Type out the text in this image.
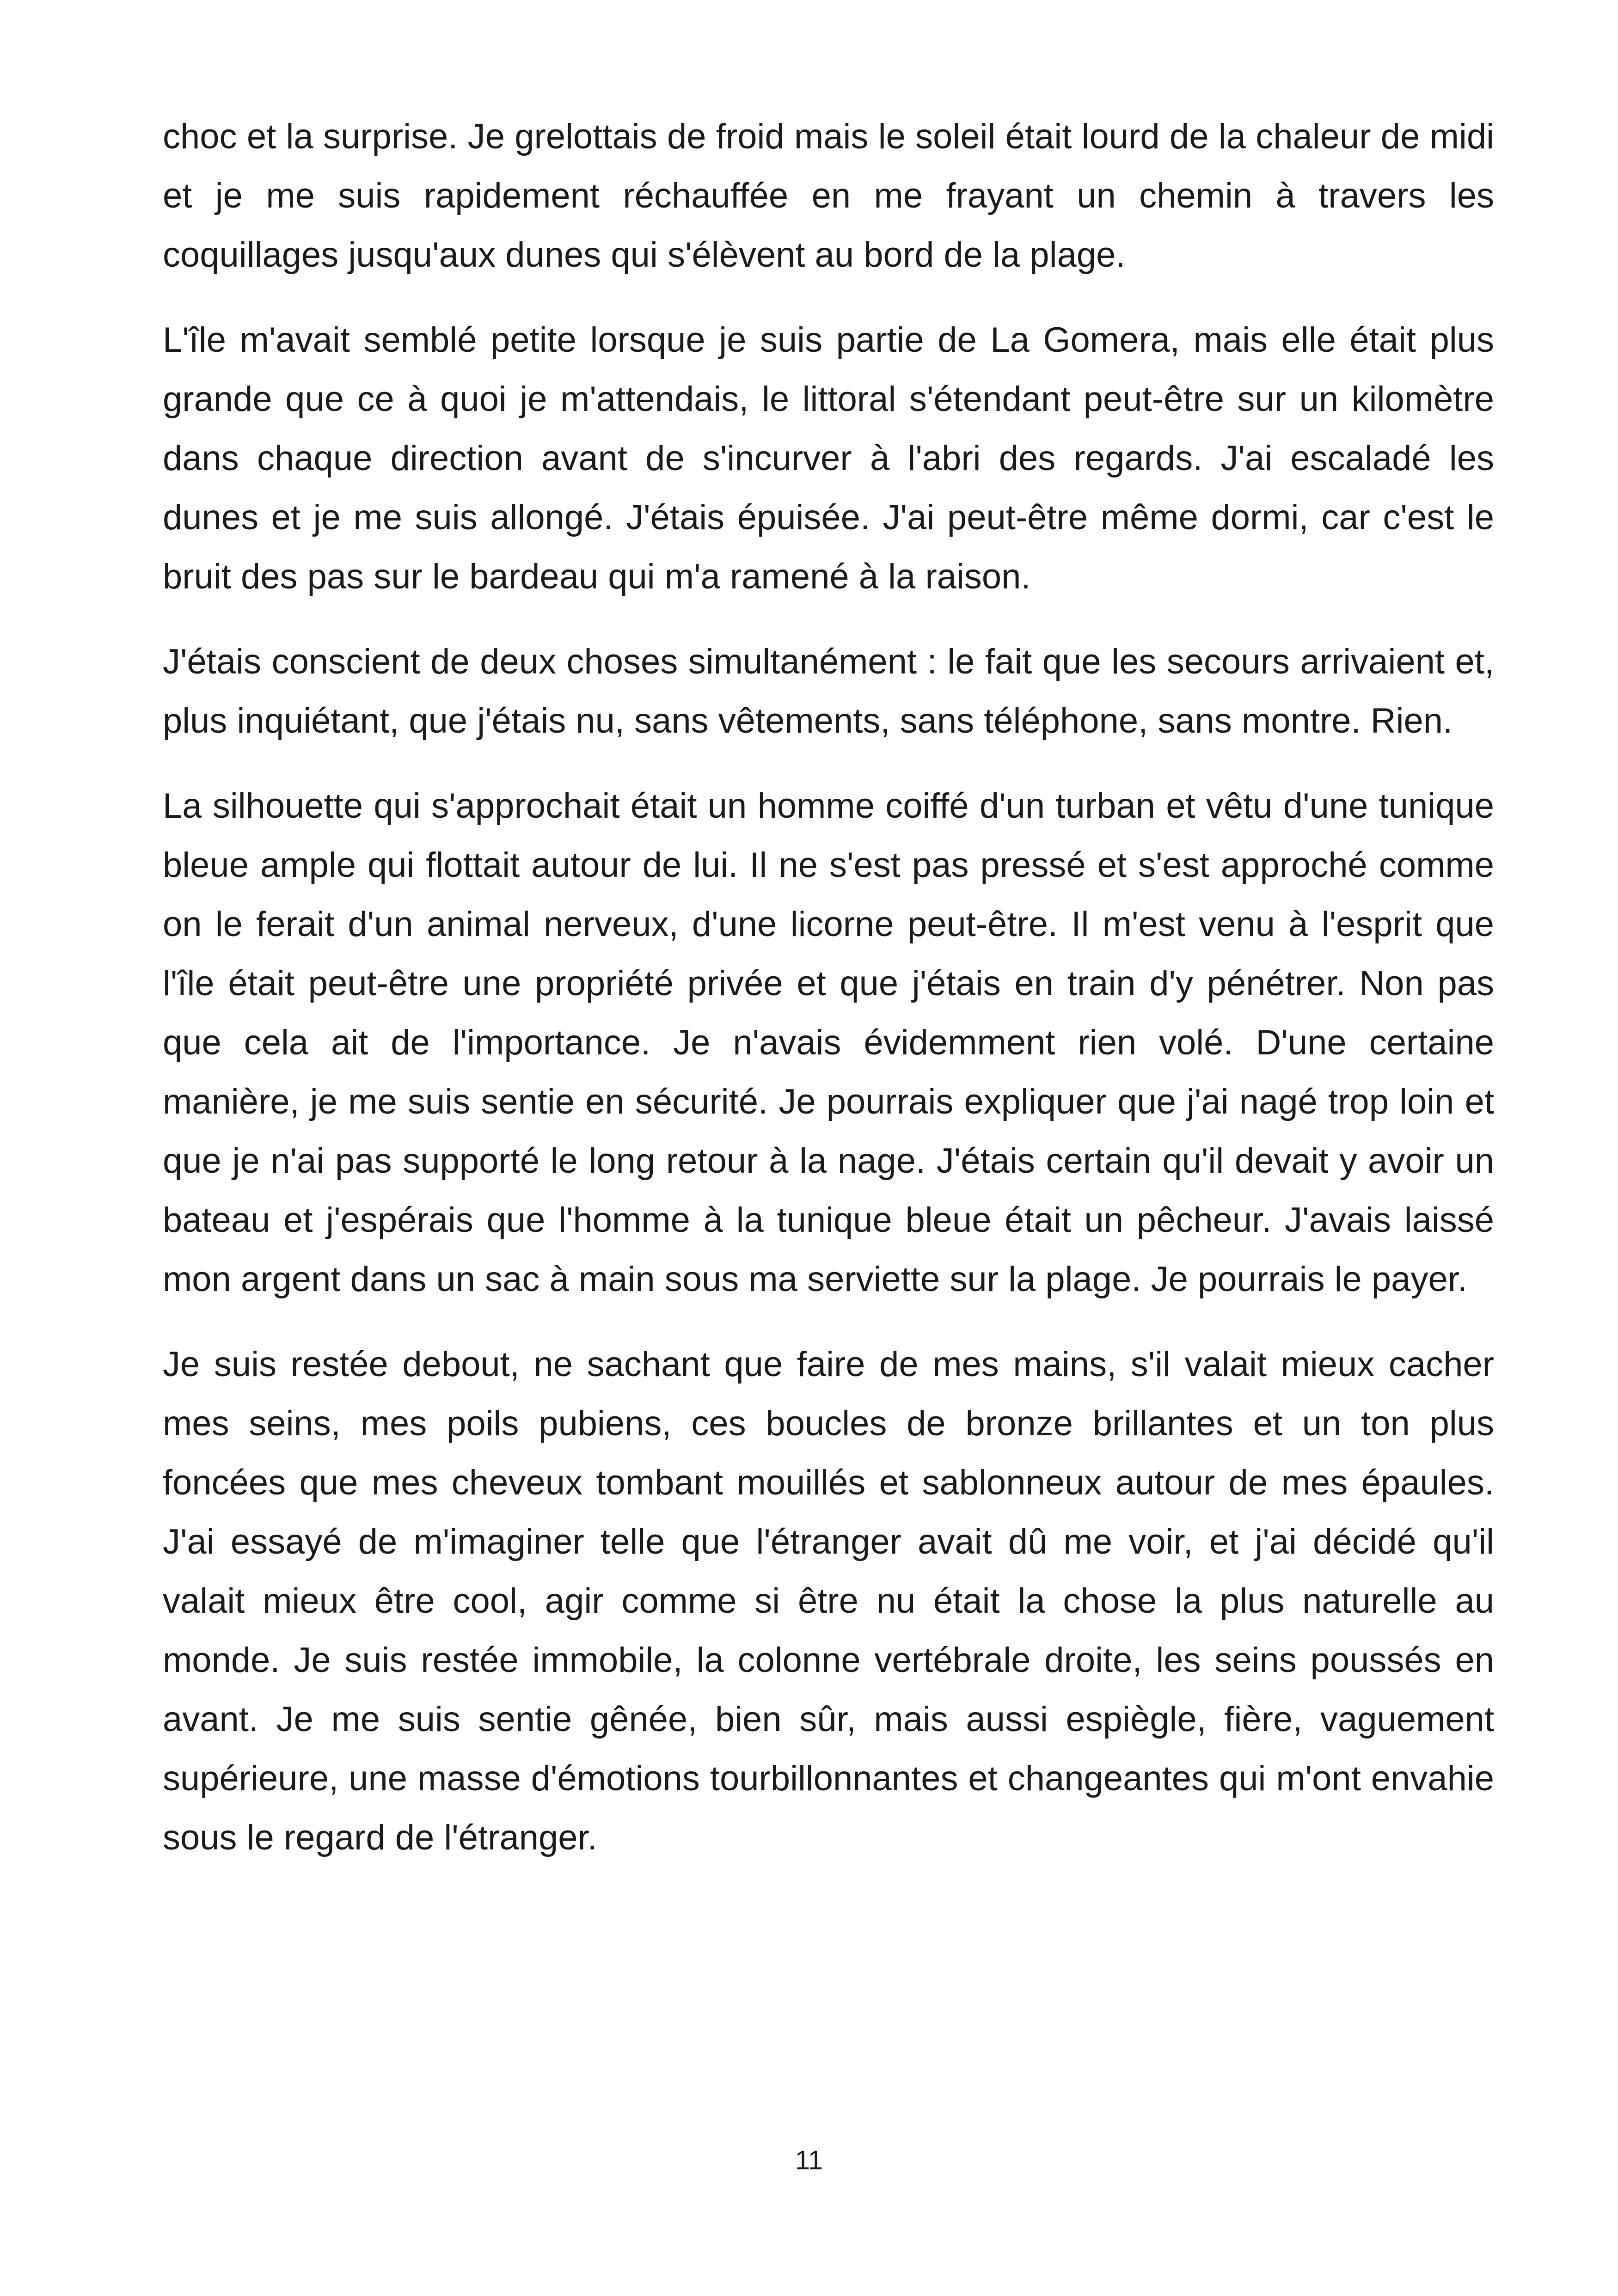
choc et la surprise. Je grelottais de froid mais le soleil était lourd de la chaleur de midi et je me suis rapidement réchauffée en me frayant un chemin à travers les coquillages jusqu'aux dunes qui s'élèvent au bord de la plage.

L'île m'avait semblé petite lorsque je suis partie de La Gomera, mais elle était plus grande que ce à quoi je m'attendais, le littoral s'étendant peut-être sur un kilomètre dans chaque direction avant de s'incurver à l'abri des regards. J'ai escaladé les dunes et je me suis allongé. J'étais épuisée. J'ai peut-être même dormi, car c'est le bruit des pas sur le bardeau qui m'a ramené à la raison.

J'étais conscient de deux choses simultanément : le fait que les secours arrivaient et, plus inquiétant, que j'étais nu, sans vêtements, sans téléphone, sans montre. Rien.

La silhouette qui s'approchait était un homme coiffé d'un turban et vêtu d'une tunique bleue ample qui flottait autour de lui. Il ne s'est pas pressé et s'est approché comme on le ferait d'un animal nerveux, d'une licorne peut-être. Il m'est venu à l'esprit que l'île était peut-être une propriété privée et que j'étais en train d'y pénétrer. Non pas que cela ait de l'importance. Je n'avais évidemment rien volé. D'une certaine manière, je me suis sentie en sécurité. Je pourrais expliquer que j'ai nagé trop loin et que je n'ai pas supporté le long retour à la nage. J'étais certain qu'il devait y avoir un bateau et j'espérais que l'homme à la tunique bleue était un pêcheur. J'avais laissé mon argent dans un sac à main sous ma serviette sur la plage. Je pourrais le payer.

Je suis restée debout, ne sachant que faire de mes mains, s'il valait mieux cacher mes seins, mes poils pubiens, ces boucles de bronze brillantes et un ton plus foncées que mes cheveux tombant mouillés et sablonneux autour de mes épaules. J'ai essayé de m'imaginer telle que l'étranger avait dû me voir, et j'ai décidé qu'il valait mieux être cool, agir comme si être nu était la chose la plus naturelle au monde. Je suis restée immobile, la colonne vertébrale droite, les seins poussés en avant. Je me suis sentie gênée, bien sûr, mais aussi espiègle, fière, vaguement supérieure, une masse d'émotions tourbillonnantes et changeantes qui m'ont envahie sous le regard de l'étranger.

11
